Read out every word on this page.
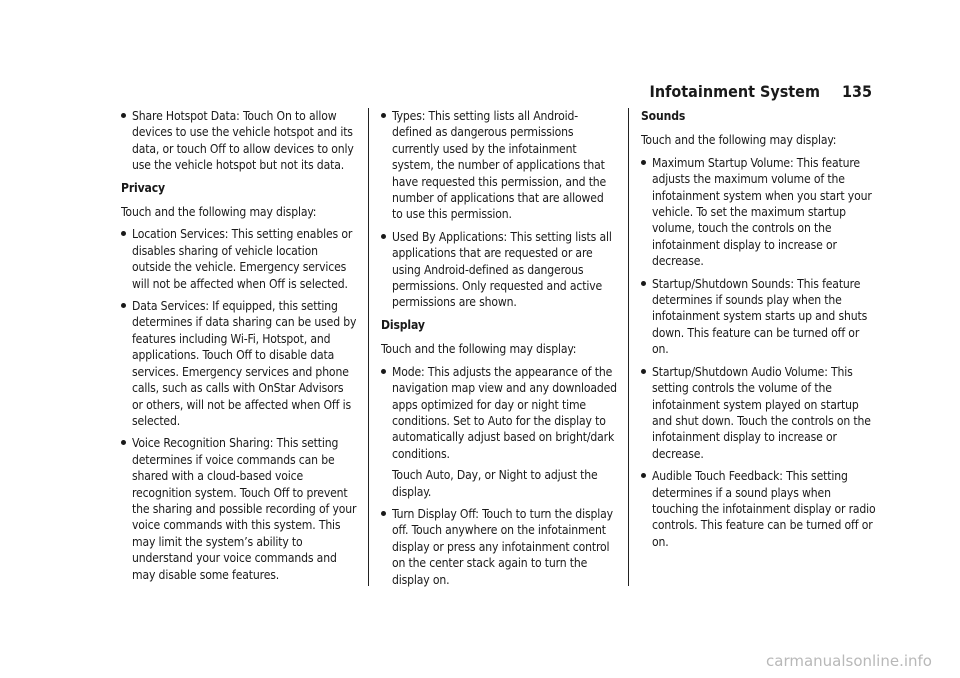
Infotainment System 135
Share Hotspot Data: Touch On to allow devices to use the vehicle hotspot and its data, or touch Off to allow devices to only use the vehicle hotspot but not its data.

Privacy

Touch and the following may display:

Location Services: This setting enables or disables sharing of vehicle location outside the vehicle. Emergency services will not be affected when Off is selected.
Data Services: If equipped, this setting determines if data sharing can be used by features including Wi-Fi, Hotspot, and applications. Touch Off to disable data services. Emergency services and phone calls, such as calls with OnStar Advisors or others, will not be affected when Off is selected.
Voice Recognition Sharing: This setting determines if voice commands can be shared with a cloud-based voice recognition system. Touch Off to prevent the sharing and possible recording of your voice commands with this system. This may limit the system’s ability to understand your voice commands and may disable some features.
Types: This setting lists all Android-defined as dangerous permissions currently used by the infotainment system, the number of applications that have requested this permission, and the number of applications that are allowed to use this permission.
Used By Applications: This setting lists all applications that are requested or are using Android-defined as dangerous permissions. Only requested and active permissions are shown.

Display

Touch and the following may display:

Mode: This adjusts the appearance of the navigation map view and any downloaded apps optimized for day or night time conditions. Set to Auto for the display to automatically adjust based on bright/dark conditions.

Touch Auto, Day, or Night to adjust the display.

Turn Display Off: Touch to turn the display off. Touch anywhere on the infotainment display or press any infotainment control on the center stack again to turn the display on.

Sounds

Touch and the following may display:

Maximum Startup Volume: This feature adjusts the maximum volume of the infotainment system when you start your vehicle. To set the maximum startup volume, touch the controls on the infotainment display to increase or decrease.
Startup/Shutdown Sounds: This feature determines if sounds play when the infotainment system starts up and shuts down. This feature can be turned off or on.
Startup/Shutdown Audio Volume: This setting controls the volume of the infotainment system played on startup and shut down. Touch the controls on the infotainment display to increase or decrease.
Audible Touch Feedback: This setting determines if a sound plays when touching the infotainment display or radio controls. This feature can be turned off or on.
carmanualsonline.info
